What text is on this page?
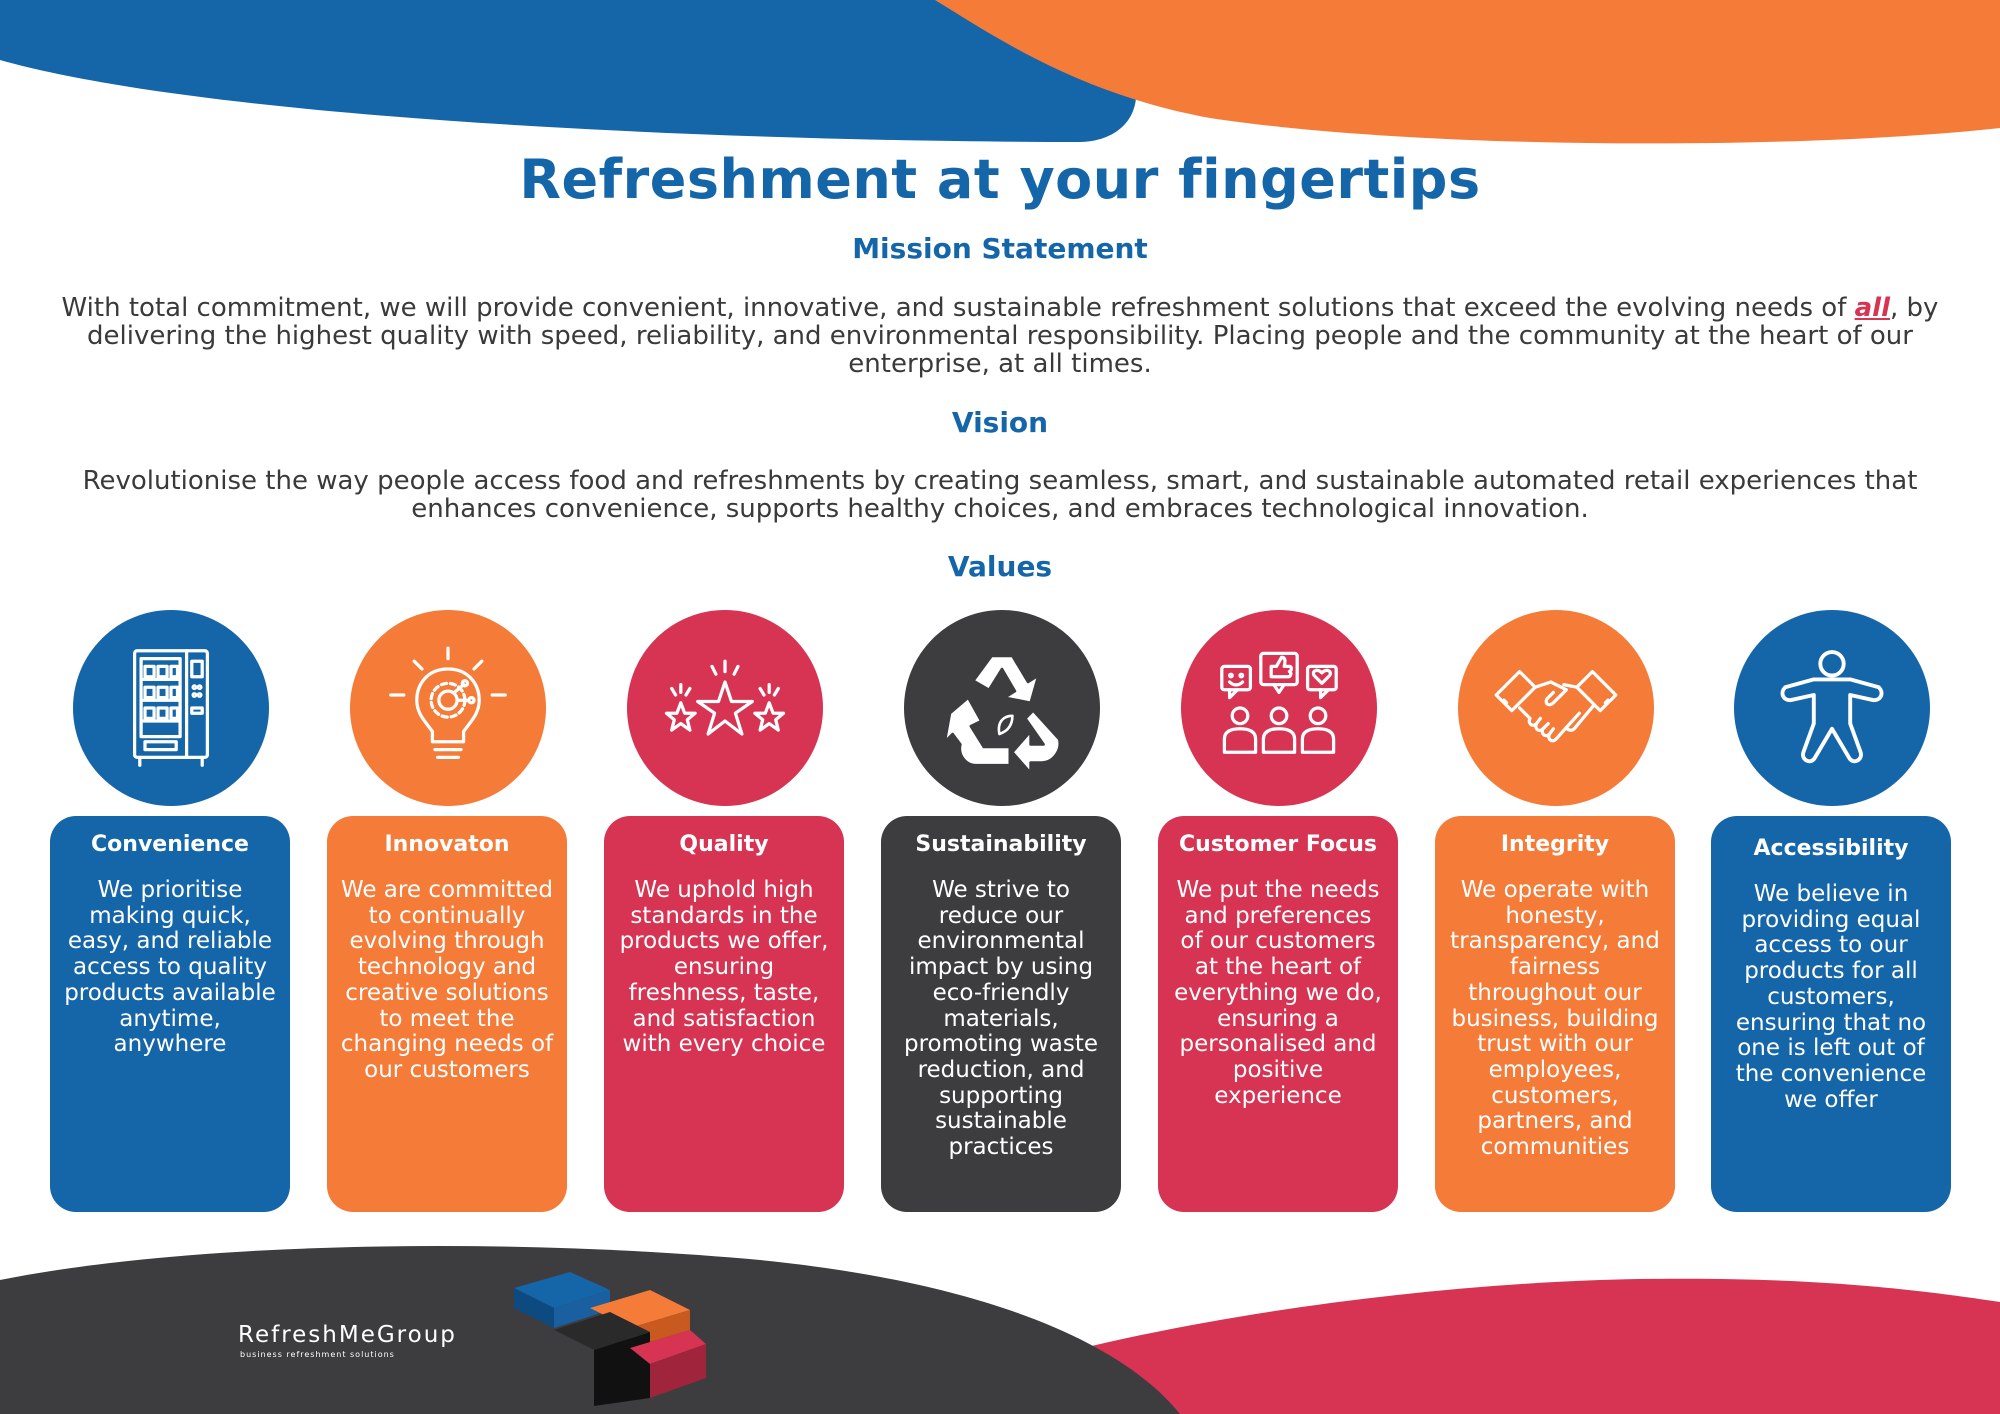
Refreshment at your fingertips
Mission Statement

With total commitment, we will provide convenient, innovative, and sustainable refreshment solutions that exceed the evolving needs of all, by delivering the highest quality with speed, reliability, and environmental responsibility. Placing people and the community at the heart of our enterprise, at all times.

Vision

Revolutionise the way people access food and refreshments by creating seamless, smart, and sustainable automated retail experiences that enhances convenience, supports healthy choices, and embraces technological innovation.

Values
Convenience

We prioritise making quick, easy, and reliable access to quality products available anytime, anywhere

Innovaton

We are committed to continually evolving through technology and creative solutions to meet the changing needs of our customers

Quality

We uphold high standards in the products we offer, ensuring freshness, taste, and satisfaction with every choice

Sustainability

We strive to reduce our environmental impact by using eco-friendly materials, promoting waste reduction, and supporting sustainable practices

Customer Focus

We put the needs and preferences of our customers at the heart of everything we do, ensuring a personalised and positive experience

Integrity

We operate with honesty, transparency, and fairness throughout our business, building trust with our employees, customers, partners, and communities

Accessibility

We believe in providing equal access to our products for all customers, ensuring that no one is left out of the convenience we offer

RefreshMeGroup

business refreshment solutions
